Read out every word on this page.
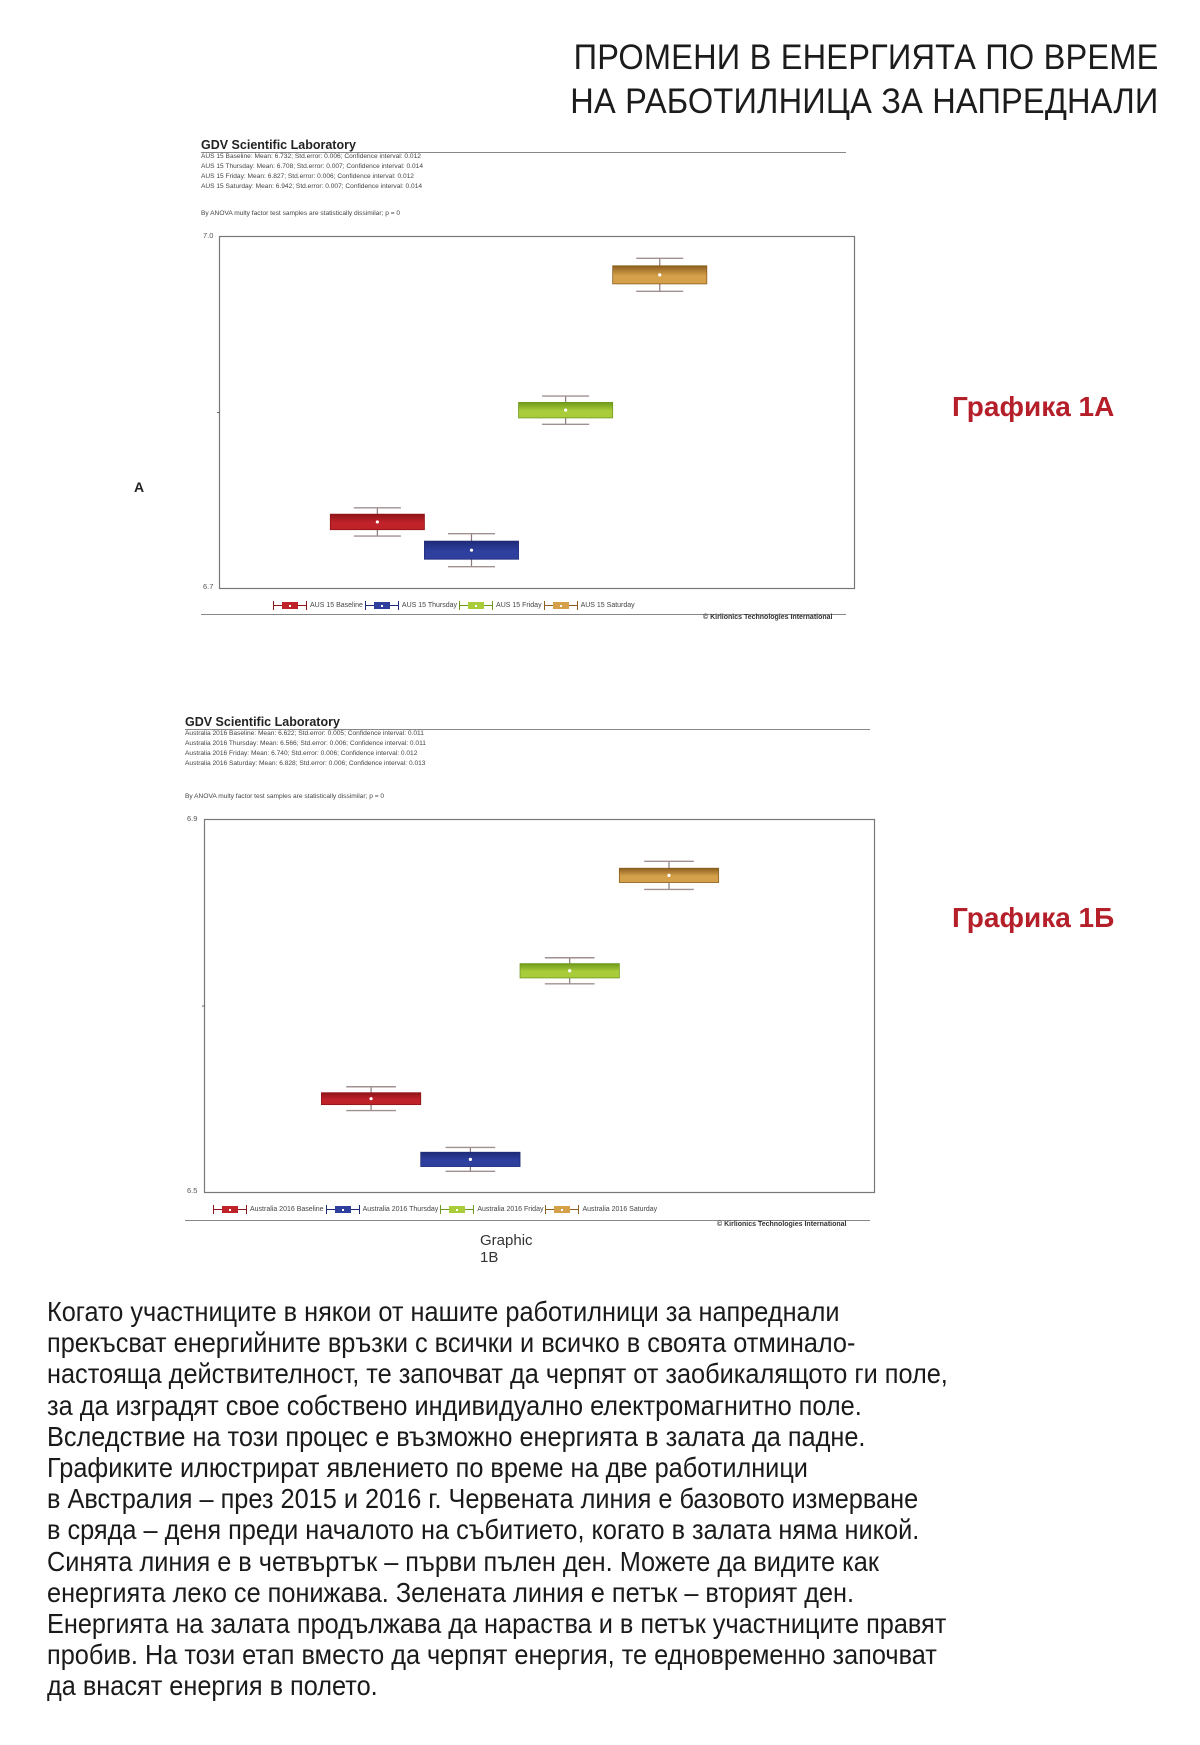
ПРОМЕНИ В ЕНЕРГИЯТА ПО ВРЕМЕ
НА РАБОТИЛНИЦА ЗА НАПРЕДНАЛИ
A
Графика 1А
Графика 1Б
GDV Scientific Laboratory
AUS 15 Baseline: Mean: 6.732; Std.error: 0.006; Confidence interval: 0.012
AUS 15 Thursday: Mean: 6.708; Std.error: 0.007; Confidence interval: 0.014
AUS 15 Friday: Mean: 6.827; Std.error: 0.006; Confidence interval: 0.012
AUS 15 Saturday: Mean: 6.942; Std.error: 0.007; Confidence interval: 0.014
By ANOVA multy factor test samples are statistically dissimilar; p = 0
7.0
6.7
AUS 15 Baseline	AUS 15 Thursday	AUS 15 Friday	AUS 15 Saturday
© Kirlionics Technologies International
GDV Scientific Laboratory
Australia 2016 Baseline: Mean: 6.622; Std.error: 0.005; Confidence interval: 0.011
Australia 2016 Thursday: Mean: 6.566; Std.error: 0.006; Confidence interval: 0.011
Australia 2016 Friday: Mean: 6.740; Std.error: 0.006; Confidence interval: 0.012
Australia 2016 Saturday: Mean: 6.828; Std.error: 0.006; Confidence interval: 0.013
By ANOVA multy factor test samples are statistically dissimilar; p = 0
6.9
6.5
Australia 2016 Baseline	Australia 2016 Thursday	Australia 2016 Friday	Australia 2016 Saturday
© Kirlionics Technologies International
Graphic 1B
Когато участниците в някои от нашите работилници за напреднали
прекъсват енергийните връзки с всички и всичко в своята отминало-
настояща действителност, те започват да черпят от заобикалящото ги поле,
за да изградят свое собствено индивидуално електромагнитно поле.
Вследствие на този процес е възможно енергията в залата да падне.
Графиките илюстрират явлението по време на две работилници
в Австралия – през 2015 и 2016 г. Червената линия е базовото измерване
в сряда – деня преди началото на събитието, когато в залата няма никой.
Синята линия е в четвъртък – първи пълен ден. Можете да видите как
енергията леко се понижава. Зелената линия е петък – вторият ден.
Енергията на залата продължава да нараства и в петък участниците правят
пробив. На този етап вместо да черпят енергия, те едновременно започват
да внасят енергия в полето.
